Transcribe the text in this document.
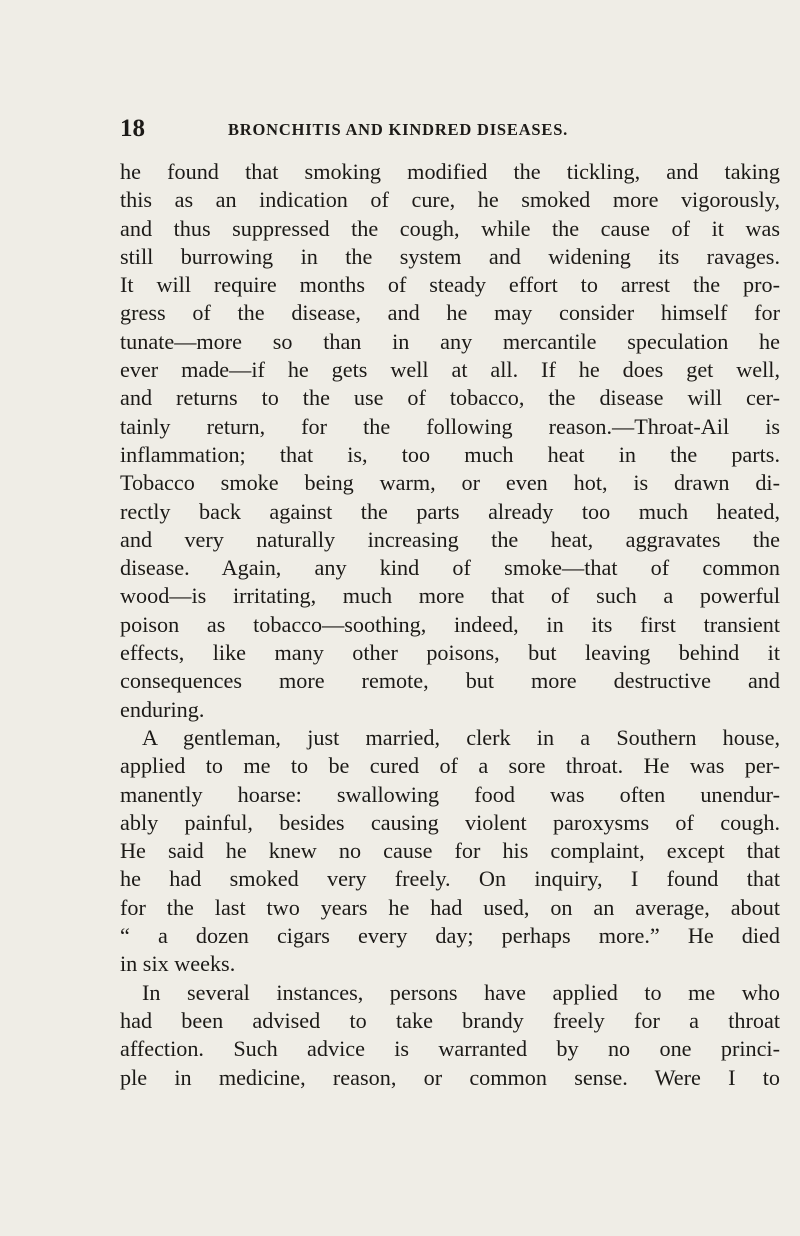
18	BRONCHITIS AND KINDRED DISEASES.
he found that smoking modified the tickling, and taking
this as an indication of cure, he smoked more vigorously,
and thus suppressed the cough, while the cause of it was
still burrowing in the system and widening its ravages.
It will require months of steady effort to arrest the pro-
gress of the disease, and he may consider himself for
tunate—more so than in any mercantile speculation he
ever made—if he gets well at all. If he does get well,
and returns to the use of tobacco, the disease will cer-
tainly return, for the following reason.—Throat-Ail is
inflammation; that is, too much heat in the parts.
Tobacco smoke being warm, or even hot, is drawn di-
rectly back against the parts already too much heated,
and very naturally increasing the heat, aggravates the
disease. Again, any kind of smoke—that of common
wood—is irritating, much more that of such a powerful
poison as tobacco—soothing, indeed, in its first transient
effects, like many other poisons, but leaving behind it
consequences more remote, but more destructive and
enduring.
A gentleman, just married, clerk in a Southern house,
applied to me to be cured of a sore throat. He was per-
manently hoarse: swallowing food was often unendur-
ably painful, besides causing violent paroxysms of cough.
He said he knew no cause for his complaint, except that
he had smoked very freely. On inquiry, I found that
for the last two years he had used, on an average, about
“ a dozen cigars every day; perhaps more.” He died
in six weeks.
In several instances, persons have applied to me who
had been advised to take brandy freely for a throat
affection. Such advice is warranted by no one princi-
ple in medicine, reason, or common sense. Were I to
